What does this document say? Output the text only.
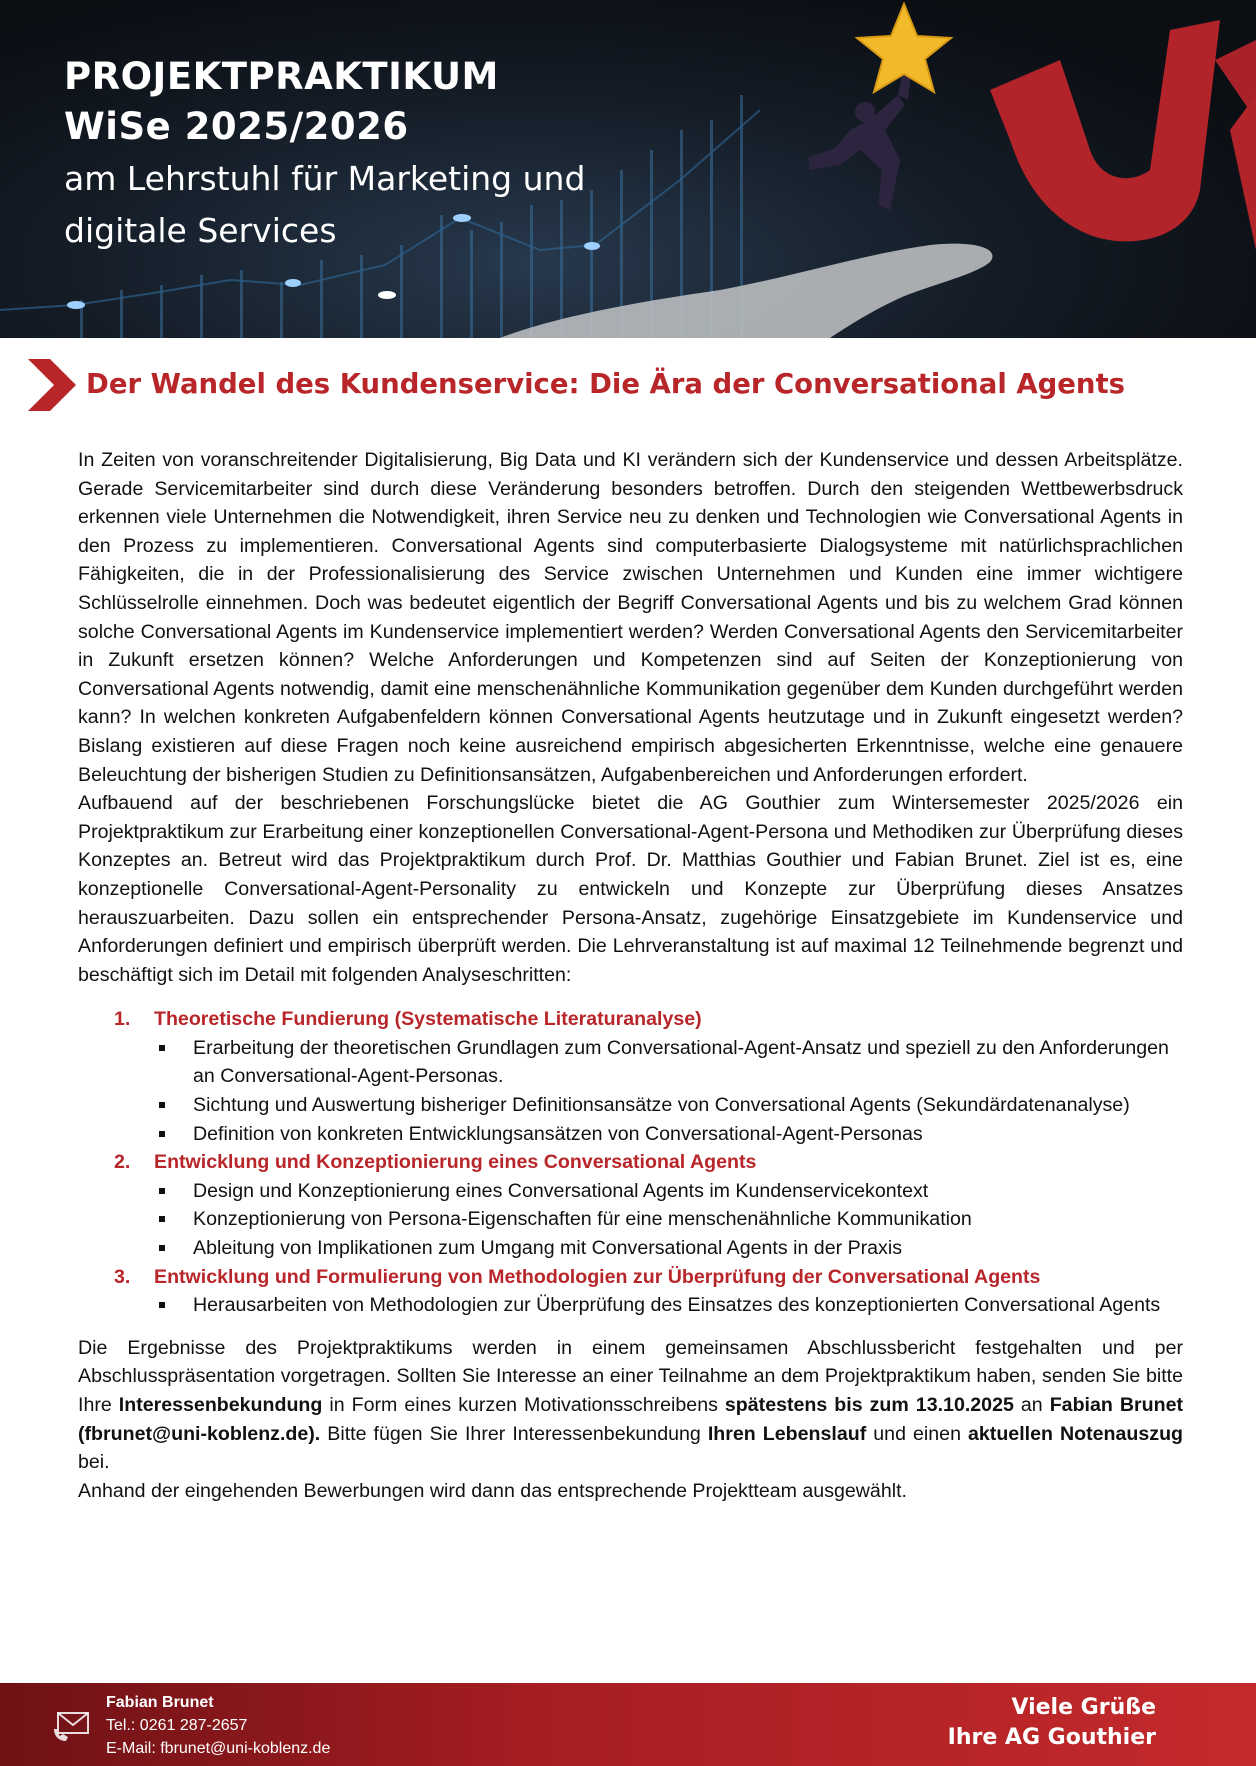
PROJEKTPRAKTIKUM
WiSe 2025/2026
am Lehrstuhl für Marketing und
digitale Services
Der Wandel des Kundenservice: Die Ära der Conversational Agents

In Zeiten von voranschreitender Digitalisierung, Big Data und KI verändern sich der Kundenservice und dessen Arbeitsplätze. Gerade Servicemitarbeiter sind durch diese Veränderung besonders betroffen. Durch den steigenden Wettbewerbsdruck erkennen viele Unternehmen die Notwendigkeit, ihren Service neu zu denken und Technologien wie Conversational Agents in den Prozess zu implementieren. Conversational Agents sind computerbasierte Dialogsysteme mit natürlichsprachlichen Fähigkeiten, die in der Professionalisierung des Service zwischen Unternehmen und Kunden eine immer wichtigere Schlüsselrolle einnehmen. Doch was bedeutet eigentlich der Begriff Conversational Agents und bis zu welchem Grad können solche Conversational Agents im Kundenservice implementiert werden? Werden Conversational Agents den Servicemitarbeiter in Zukunft ersetzen können? Welche Anforderungen und Kompetenzen sind auf Seiten der Konzeptionierung von Conversational Agents notwendig, damit eine menschenähnliche Kommunikation gegenüber dem Kunden durchgeführt werden kann? In welchen konkreten Aufgabenfeldern können Conversational Agents heutzutage und in Zukunft eingesetzt werden? Bislang existieren auf diese Fragen noch keine ausreichend empirisch abgesicherten Erkenntnisse, welche eine genauere Beleuchtung der bisherigen Studien zu Definitionsansätzen, Aufgabenbereichen und Anforderungen erfordert.

Aufbauend auf der beschriebenen Forschungslücke bietet die AG Gouthier zum Wintersemester 2025/2026 ein Projektpraktikum zur Erarbeitung einer konzeptionellen Conversational-Agent-Persona und Methodiken zur Überprüfung dieses Konzeptes an. Betreut wird das Projektpraktikum durch Prof. Dr. Matthias Gouthier und Fabian Brunet. Ziel ist es, eine konzeptionelle Conversational-Agent-Personality zu entwickeln und Konzepte zur Überprüfung dieses Ansatzes herauszuarbeiten. Dazu sollen ein entsprechender Persona-Ansatz, zugehörige Einsatzgebiete im Kundenservice und Anforderungen definiert und empirisch überprüft werden. Die Lehrveranstaltung ist auf maximal 12 Teilnehmende begrenzt und beschäftigt sich im Detail mit folgenden Analyseschritten:

1.	Theoretische Fundierung (Systematische Literaturanalyse)
Erarbeitung der theoretischen Grundlagen zum Conversational-Agent-Ansatz und speziell zu den Anforderungen an Conversational-Agent-Personas.
Sichtung und Auswertung bisheriger Definitionsansätze von Conversational Agents (Sekundärdatenanalyse)
Definition von konkreten Entwicklungsansätzen von Conversational-Agent-Personas
2.	Entwicklung und Konzeptionierung eines Conversational Agents
Design und Konzeptionierung eines Conversational Agents im Kundenservicekontext
Konzeptionierung von Persona-Eigenschaften für eine menschenähnliche Kommunikation
Ableitung von Implikationen zum Umgang mit Conversational Agents in der Praxis
3.	Entwicklung und Formulierung von Methodologien zur Überprüfung der Conversational Agents
Herausarbeiten von Methodologien zur Überprüfung des Einsatzes des konzeptionierten Conversational Agents

Die Ergebnisse des Projektpraktikums werden in einem gemeinsamen Abschlussbericht festgehalten und per Abschlusspräsentation vorgetragen. Sollten Sie Interesse an einer Teilnahme an dem Projektpraktikum haben, senden Sie bitte Ihre Interessenbekundung in Form eines kurzen Motivationsschreibens spätestens bis zum 13.10.2025 an Fabian Brunet (fbrunet@uni-koblenz.de). Bitte fügen Sie Ihrer Interessenbekundung Ihren Lebenslauf und einen aktuellen Notenauszug bei.

Anhand der eingehenden Bewerbungen wird dann das entsprechende Projektteam ausgewählt.

Fabian Brunet
Tel.: 0261 287-2657
E-Mail: fbrunet@uni-koblenz.de
Viele Grüße
Ihre AG Gouthier
